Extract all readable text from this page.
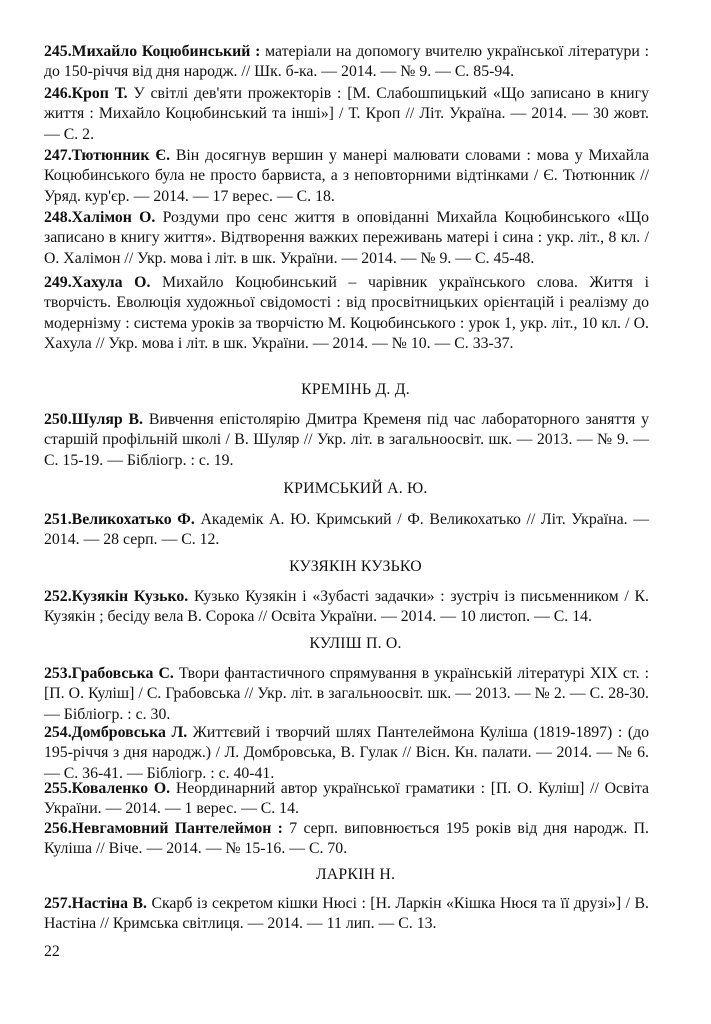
245.Михайло Коцюбинський : матеріали на допомогу вчителю української літератури : до 150-річчя від дня народж. // Шк. б-ка. — 2014. — № 9. — С. 85-94.
246.Кроп Т. У світлі дев'яти прожекторів : [М. Слабошпицький «Що записано в книгу життя : Михайло Коцюбинський та інші»] / Т. Кроп // Літ. Україна. — 2014. — 30 жовт. — С. 2.
247.Тютюнник Є. Він досягнув вершин у манері малювати словами : мова у Михайла Коцюбинського була не просто барвиста, а з неповторними відтінками / Є. Тютюнник // Уряд. кур'єр. — 2014. — 17 верес. — С. 18.
248.Халімон О. Роздуми про сенс життя в оповіданні Михайла Коцюбинського «Що записано в книгу життя». Відтворення важких переживань матері і сина : укр. літ., 8 кл. / О. Халімон // Укр. мова і літ. в шк. України. — 2014. — № 9. — С. 45-48.
249.Хахула О. Михайло Коцюбинський – чарівник українського слова. Життя і творчість. Еволюція художньої свідомості : від просвітницьких орієнтацій і реалізму до модернізму : система уроків за творчістю М. Коцюбинського : урок 1, укр. літ., 10 кл. / О. Хахула // Укр. мова і літ. в шк. України. — 2014. — № 10. — С. 33-37.
КРЕМІНЬ Д. Д.
250.Шуляр В. Вивчення епістолярію Дмитра Кременя під час лабораторного заняття у старшій профільній школі / В. Шуляр // Укр. літ. в загальноосвіт. шк. — 2013. — № 9. — С. 15-19. — Бібліогр. : с. 19.
КРИМСЬКИЙ А. Ю.
251.Великохатько Ф. Академік А. Ю. Кримський / Ф. Великохатько // Літ. Україна. — 2014. — 28 серп. — С. 12.
КУЗЯКІН КУЗЬКО
252.Кузякін Кузько. Кузько Кузякін і «Зубасті задачки» : зустріч із письменником / К. Кузякін ; бесіду вела В. Сорока // Освіта України. — 2014. — 10 листоп. — С. 14.
КУЛІШ П. О.
253.Грабовська С. Твори фантастичного спрямування в українській літературі XIX ст. : [П. О. Куліш] / С. Грабовська // Укр. літ. в загальноосвіт. шк. — 2013. — № 2. — С. 28-30. — Бібліогр. : с. 30.
254.Домбровська Л. Життєвий і творчий шлях Пантелеймона Куліша (1819-1897) : (до 195-річчя з дня народж.) / Л. Домбровська, В. Гулак // Вісн. Кн. палати. — 2014. — № 6. — С. 36-41. — Бібліогр. : с. 40-41.
255.Коваленко О. Неординарний автор української граматики : [П. О. Куліш] // Освіта України. — 2014. — 1 верес. — С. 14.
256.Невгамовний Пантелеймон : 7 серп. виповнюється 195 років від дня народж. П. Куліша // Віче. — 2014. — № 15-16. — С. 70.
ЛАРКІН Н.
257.Настіна В. Скарб із секретом кішки Нюсі : [Н. Ларкін «Кішка Нюся та її друзі»] / В. Настіна // Кримська світлиця. — 2014. — 11 лип. — С. 13.
22
